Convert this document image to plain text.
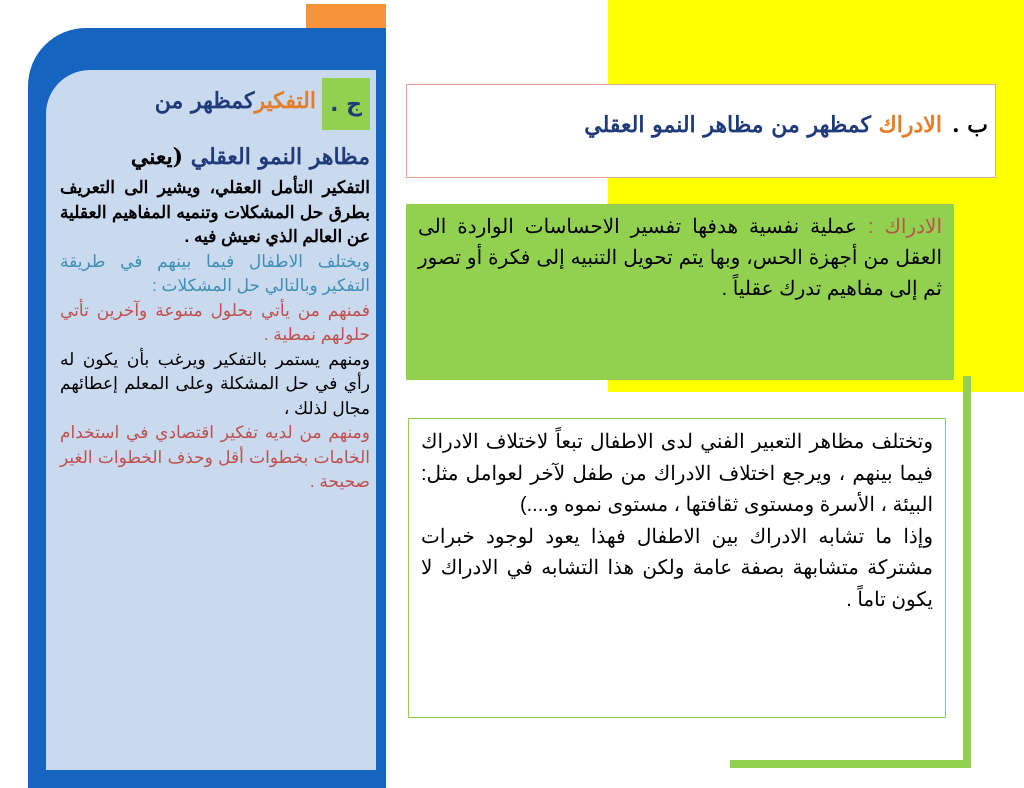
ج .
التفكيركمظهر من
مظاهر النمو العقلي (يعني
التفكير التأمل العقلي، ويشير الى التعريف بطرق حل المشكلات وتنميه المفاهيم العقلية عن العالم الذي نعيش فيه .
ويختلف الاطفال فيما بينهم في طريقة التفكير وبالتالي حل المشكلات :
فمنهم من يأتي بحلول متنوعة وآخرين تأتي حلولهم نمطية .
ومنهم يستمر بالتفكير ويرغب بأن يكون له رأي في حل المشكلة وعلى المعلم إعطائهم مجال لذلك ،
ومنهم من لديه تفكير اقتصادي في استخدام الخامات بخطوات أقل وحذف الخطوات الغير صحيحة .
ب .الادراك كمظهر من مظاهر النمو العقلي
الادراك : عملية نفسية هدفها تفسير الاحساسات الواردة الى العقل من أجهزة الحس، وبها يتم تحويل التنبيه إلى فكرة أو تصور ثم إلى مفاهيم تدرك عقلياً .
وتختلف مظاهر التعبير الفني لدى الاطفال تبعاً لاختلاف الادراك فيما بينهم ، ويرجع اختلاف الادراك من طفل لآخر لعوامل مثل: البيئة ، الأسرة ومستوى ثقافتها ، مستوى نموه و....)
وإذا ما تشابه الادراك بين الاطفال فهذا يعود لوجود خبرات مشتركة متشابهة بصفة عامة ولكن هذا التشابه في الادراك لا يكون تاماً .
